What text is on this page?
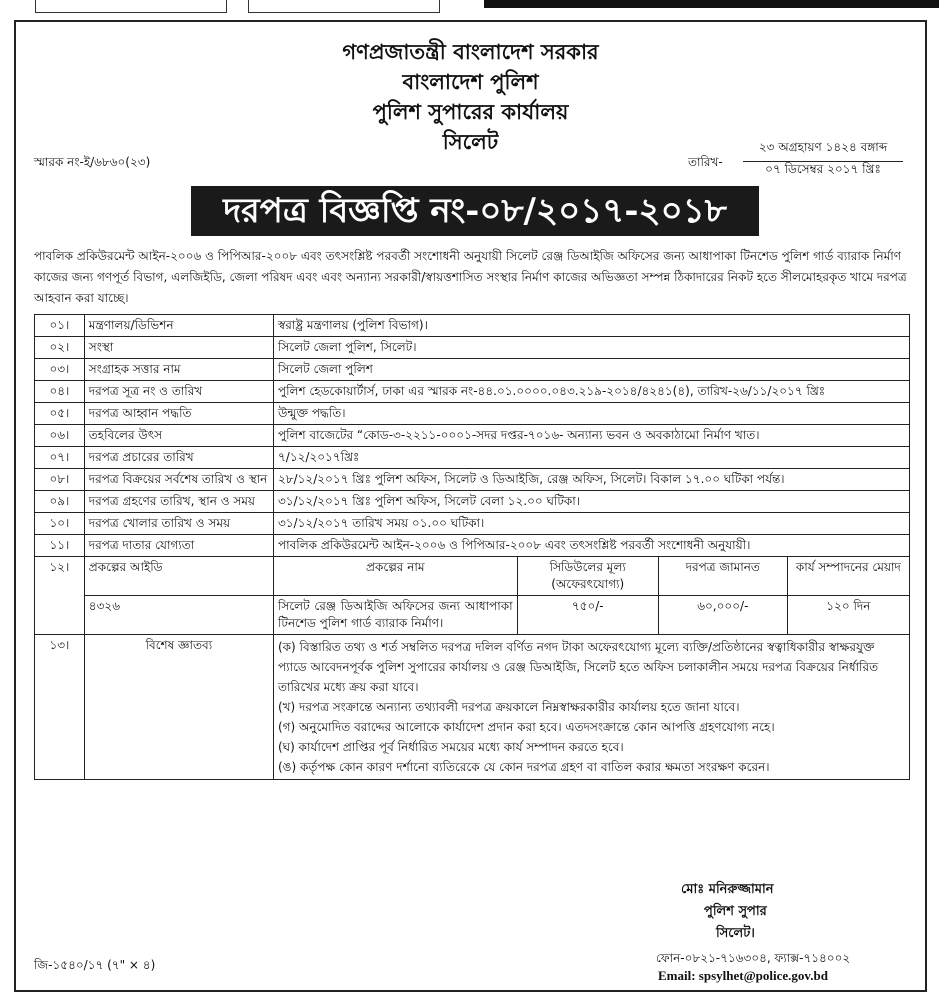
গণপ্রজাতন্ত্রী বাংলাদেশ সরকার
বাংলাদেশ পুলিশ
পুলিশ সুপারের কার্যালয়
সিলেট
স্মারক নং-ই/৬৮৬০(২৩)	তারিখ-
২৩ অগ্রহায়ণ ১৪২৪ বঙ্গাব্দ
০৭ ডিসেম্বর ২০১৭ খ্রিঃ
দরপত্র বিজ্ঞপ্তি নং-০৮/২০১৭-২০১৮
পাবলিক প্রকিউরমেন্ট আইন-২০০৬ ও পিপিআর-২০০৮ এবং তৎসংশ্লিষ্ট পরবর্তী সংশোধনী অনুযায়ী সিলেট রেঞ্জ ডিআইজি অফিসের জন্য আধাপাকা টিনশেড পুলিশ গার্ড ব্যারাক নির্মাণ কাজের জন্য গণপূর্ত বিভাগ, এলজিইডি, জেলা পরিষদ এবং এবং অন্যান্য সরকারী/স্বায়ত্তশাসিত সংস্থার নির্মাণ কাজের অভিজ্ঞতা সম্পন্ন ঠিকাদারের নিকট হতে সীলমোহরকৃত খামে দরপত্র আহবান করা যাচ্ছে।
০১।	মন্ত্রণালয়/ডিভিশন	স্বরাষ্ট্র মন্ত্রণালয় (পুলিশ বিভাগ)।			
০২।	সংস্থা	সিলেট জেলা পুলিশ, সিলেট।			
০৩।	সংগ্রাহক সত্তার নাম	সিলেট জেলা পুলিশ			
০৪।	দরপত্র সূত্র নং ও তারিখ	পুলিশ হেডকোয়ার্টার্স, ঢাকা এর স্মারক নং-৪৪.০১.০০০০.০৪৩.২১৯-২০১৪/৪২৪১(৪), তারিখ-২৬/১১/২০১৭ খ্রিঃ			
০৫।	দরপত্র আহ্বান পদ্ধতি	উন্মুক্ত পদ্ধতি।			
০৬।	তহবিলের উৎস	পুলিশ বাজেটের “কোড-৩-২২১১-০০০১-সদর দপ্তর-৭০১৬- অন্যান্য ভবন ও অবকাঠামো নির্মাণ খাত।			
০৭।	দরপত্র প্রচারের তারিখ	৭/১২/২০১৭খ্রিঃ			
০৮।	দরপত্র বিক্রয়ের সর্বশেষ তারিখ ও স্থান	২৮/১২/২০১৭ খ্রিঃ পুলিশ অফিস, সিলেট ও ডিআইজি, রেঞ্জ অফিস, সিলেট। বিকাল ১৭.০০ ঘটিকা পর্যন্ত।			
০৯।	দরপত্র গ্রহণের তারিখ, স্থান ও সময়	৩১/১২/২০১৭ খ্রিঃ পুলিশ অফিস, সিলেট বেলা ১২.০০ ঘটিকা।			
১০।	দরপত্র খোলার তারিখ ও সময়	৩১/১২/২০১৭ তারিখ সময় ০১.০০ ঘটিকা।			
১১।	দরপত্র দাতার যোগ্যতা	পাবলিক প্রকিউরমেন্ট আইন-২০০৬ ও পিপিআর-২০০৮ এবং তৎসংশ্লিষ্ট পরবর্তী সংশোধনী অনুযায়ী।			
১২।	প্রকল্পের আইডি	প্রকল্পের নাম	সিডিউলের মূল্য (অফেরৎযোগ্য)	দরপত্র জামানত	কার্য সম্পাদনের মেয়াদ
	৪৩২৬	সিলেট রেঞ্জ ডিআইজি অফিসের জন্য আধাপাকা টিনশেড পুলিশ গার্ড ব্যারাক নির্মাণ।	৭৫০/-	৬০,০০০/-	১২০ দিন
১৩।	বিশেষ জ্ঞাতব্য	(ক) বিস্তারিত তথ্য ও শর্ত সম্বলিত দরপত্র দলিল বর্ণিত নগদ টাকা অফেরৎযোগ্য মূল্যে ব্যক্তি/প্রতিষ্ঠানের স্বত্বাধিকারীর স্বাক্ষরযুক্ত প্যাডে আবেদনপূর্বক পুলিশ সুপারের কার্যালয় ও রেঞ্জ ডিআইজি, সিলেট হতে অফিস চলাকালীন সময়ে দরপত্র বিক্রয়ের নির্ধারিত তারিখের মধ্যে ক্রয় করা যাবে।

(খ) দরপত্র সংক্রান্তে অন্যান্য তথ্যাবলী দরপত্র ক্রয়কালে নিম্নস্বাক্ষরকারীর কার্যালয় হতে জানা যাবে।

(গ) অনুমোদিত বরাদ্দের আলোকে কার্যাদেশ প্রদান করা হবে। এতদসংক্রান্তে কোন আপত্তি গ্রহণযোগ্য নহে।

(ঘ) কার্যাদেশ প্রাপ্তির পূর্ব নির্ধারিত সময়ের মধ্যে কার্য সম্পাদন করতে হবে।

(ঙ) কর্তৃপক্ষ কোন কারণ দর্শানো ব্যতিরেকে যে কোন দরপত্র গ্রহণ বা বাতিল করার ক্ষমতা সংরক্ষণ করেন।			

মোঃ মনিরুজ্জামান
পুলিশ সুপার
সিলেট।
জি-১৫৪০/১৭ (৭" × ৪)	ফোন-০৮২১-৭১৬৩০৪, ফ্যাক্স-৭১৪০০২
Email: spsylhet@police.gov.bd
